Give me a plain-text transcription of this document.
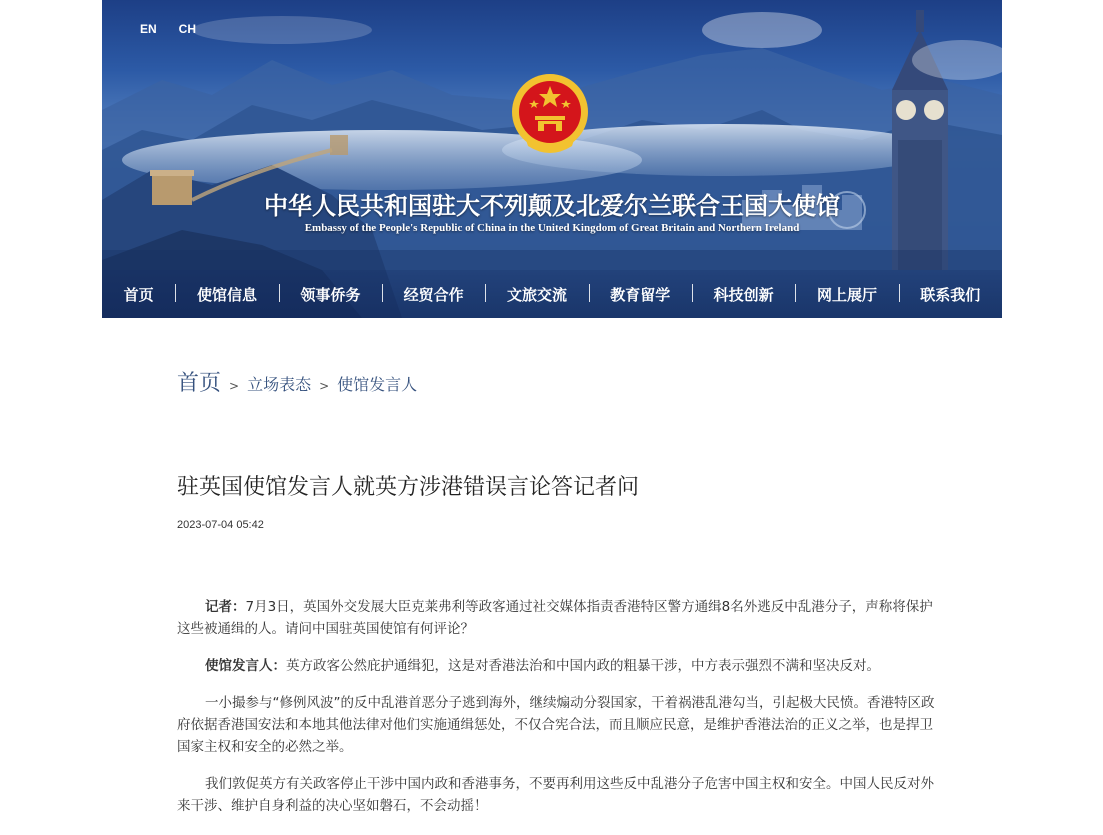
EN CH
中华人民共和国驻大不列颠及北爱尔兰联合王国大使馆
Embassy of the People's Republic of China in the United Kingdom of Great Britain and Northern Ireland
首页	使馆信息	领事侨务	经贸合作	文旅交流	教育留学	科技创新	网上展厅	联系我们
首页 > 立场表态 > 使馆发言人
驻英国使馆发言人就英方涉港错误言论答记者问
2023-07-04 05:42

记者：7月3日，英国外交发展大臣克莱弗利等政客通过社交媒体指责香港特区警方通缉8名外逃反中乱港分子，声称将保护这些被通缉的人。请问中国驻英国使馆有何评论？

使馆发言人：英方政客公然庇护通缉犯，这是对香港法治和中国内政的粗暴干涉，中方表示强烈不满和坚决反对。

一小撮参与“修例风波”的反中乱港首恶分子逃到海外，继续煽动分裂国家，干着祸港乱港勾当，引起极大民愤。香港特区政府依据香港国安法和本地其他法律对他们实施通缉惩处，不仅合宪合法，而且顺应民意，是维护香港法治的正义之举，也是捍卫国家主权和安全的必然之举。

我们敦促英方有关政客停止干涉中国内政和香港事务，不要再利用这些反中乱港分子危害中国主权和安全。中国人民反对外来干涉、维护自身利益的决心坚如磐石，不会动摇！
